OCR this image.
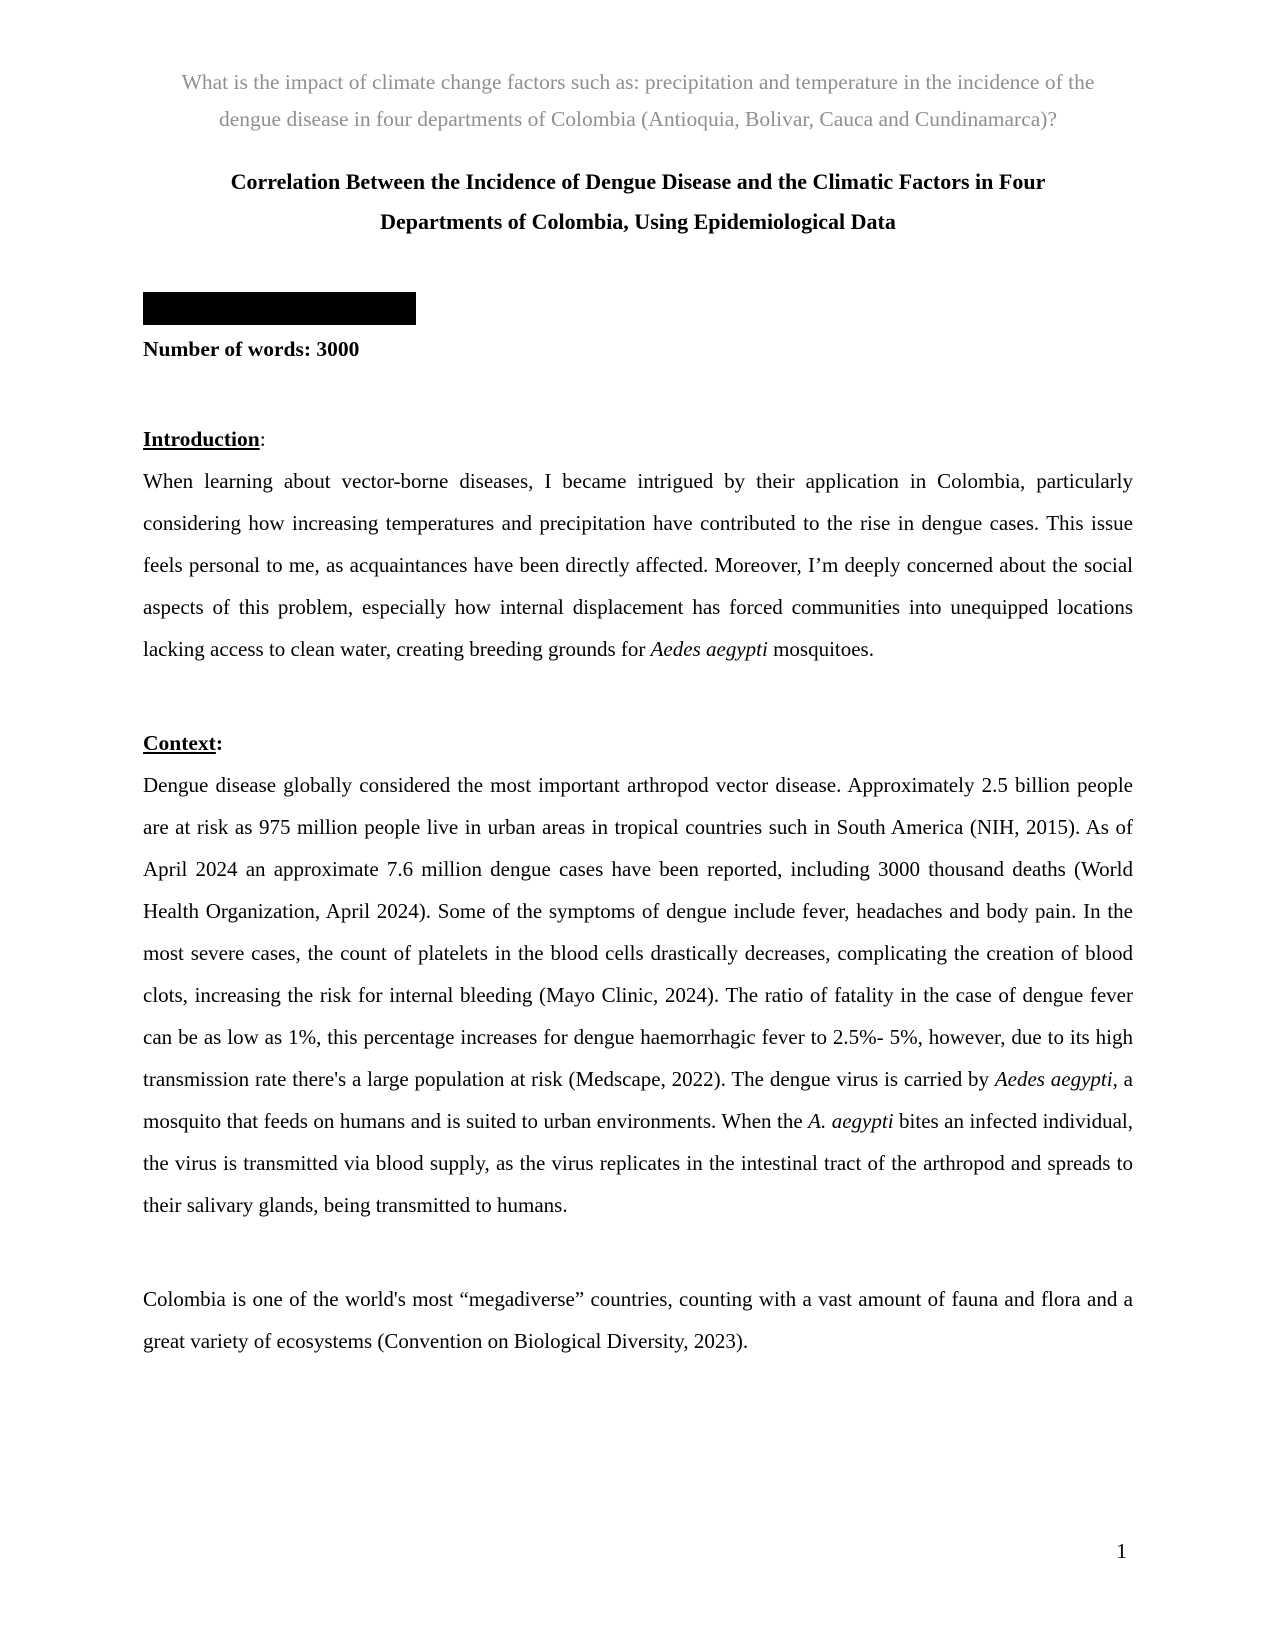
What is the impact of climate change factors such as: precipitation and temperature in the incidence of the
dengue disease in four departments of Colombia (Antioquia, Bolivar, Cauca and Cundinamarca)?
Correlation Between the Incidence of Dengue Disease and the Climatic Factors in Four
Departments of Colombia, Using Epidemiological Data
Number of words: 3000
Introduction:

When learning about vector-borne diseases, I became intrigued by their application in Colombia, particularly considering how increasing temperatures and precipitation have contributed to the rise in dengue cases. This issue feels personal to me, as acquaintances have been directly affected. Moreover, I’m deeply concerned about the social aspects of this problem, especially how internal displacement has forced communities into unequipped locations lacking access to clean water, creating breeding grounds for Aedes aegypti mosquitoes.

Context:

Dengue disease globally considered the most important arthropod vector disease. Approximately 2.5 billion people are at risk as 975 million people live in urban areas in tropical countries such in South America (NIH, 2015). As of April 2024 an approximate 7.6 million dengue cases have been reported, including 3000 thousand deaths (World Health Organization, April 2024). Some of the symptoms of dengue include fever, headaches and body pain. In the most severe cases, the count of platelets in the blood cells drastically decreases, complicating the creation of blood clots, increasing the risk for internal bleeding (Mayo Clinic, 2024). The ratio of fatality in the case of dengue fever can be as low as 1%, this percentage increases for dengue haemorrhagic fever to 2.5%- 5%, however, due to its high transmission rate there's a large population at risk (Medscape, 2022). The dengue virus is carried by Aedes aegypti, a mosquito that feeds on humans and is suited to urban environments. When the A. aegypti bites an infected individual, the virus is transmitted via blood supply, as the virus replicates in the intestinal tract of the arthropod and spreads to their salivary glands, being transmitted to humans.

Colombia is one of the world's most “megadiverse” countries, counting with a vast amount of fauna and flora and a great variety of ecosystems (Convention on Biological Diversity, 2023).

1
